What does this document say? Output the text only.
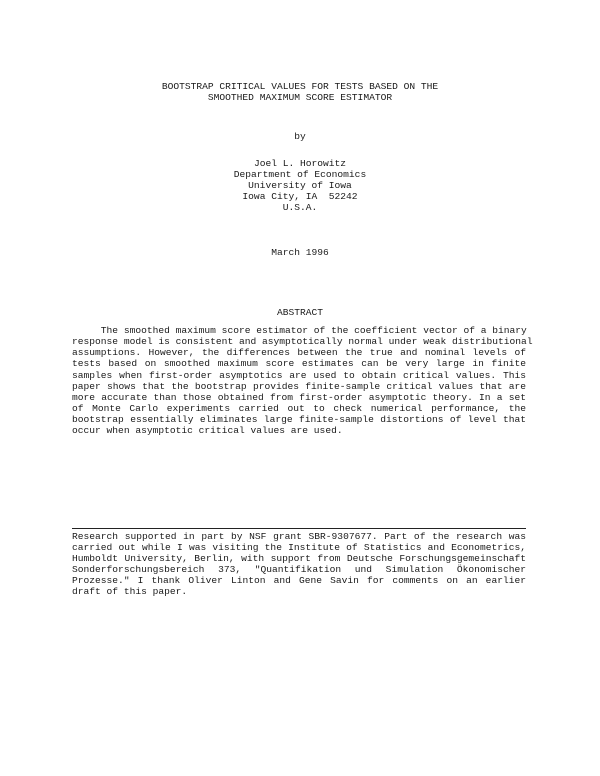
BOOTSTRAP CRITICAL VALUES FOR TESTS BASED ON THE
SMOOTHED MAXIMUM SCORE ESTIMATOR
by
Joel L. Horowitz
Department of Economics
University of Iowa
Iowa City, IA  52242
U.S.A.
March 1996
ABSTRACT
The smoothed maximum score estimator of the coefficient vector of a binary
response model is consistent and asymptotically normal under weak distributional
assumptions. However, the differences between the true and nominal levels of
tests based on smoothed maximum score estimates can be very large in finite
samples when first-order asymptotics are used to obtain critical values. This
paper shows that the bootstrap provides finite-sample critical values that are
more accurate than those obtained from first-order asymptotic theory. In a set
of Monte Carlo experiments carried out to check numerical performance, the
bootstrap essentially eliminates large finite-sample distortions of level that
occur when asymptotic critical values are used.
Research supported in part by NSF grant SBR-9307677. Part of the research was
carried out while I was visiting the Institute of Statistics and Econometrics,
Humboldt University, Berlin, with support from Deutsche Forschungsgemeinschaft
Sonderforschungsbereich  373,  "Quantifikation  und  Simulation  Ökonomischer
Prozesse." I thank Oliver Linton and Gene Savin for comments on an earlier
draft of this paper.
